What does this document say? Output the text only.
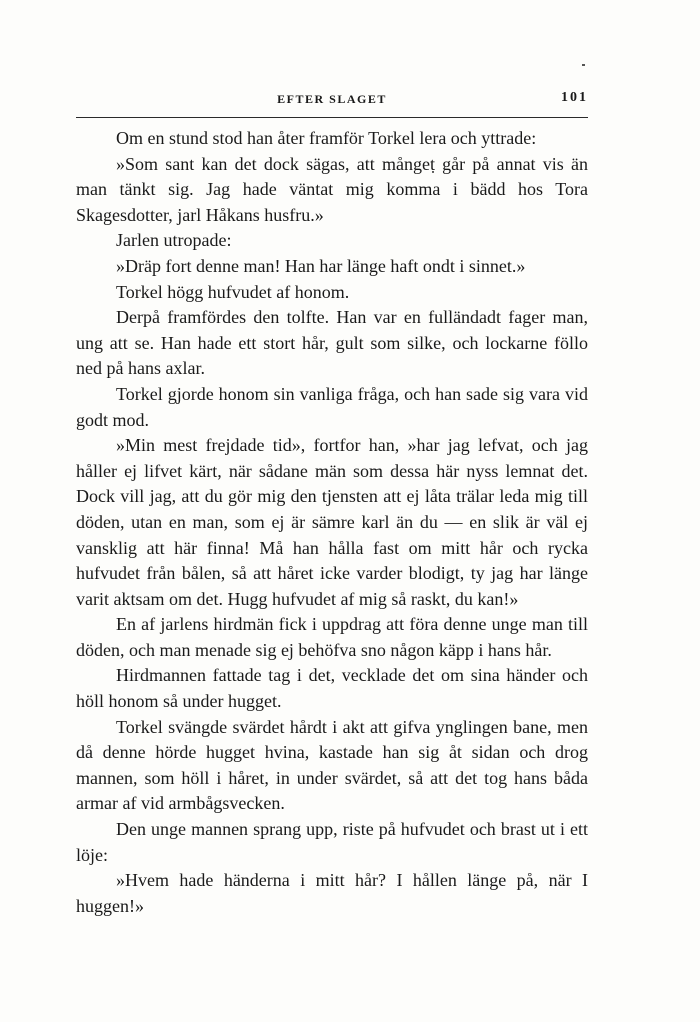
EFTER SLAGET	101

Om en stund stod han åter framför Torkel lera och yttrade:

»Som sant kan det dock sägas, att mångeṭ går på annat vis än man tänkt sig. Jag hade väntat mig komma i bädd hos Tora Skagesdotter, jarl Håkans husfru.»

Jarlen utropade:

»Dräp fort denne man! Han har länge haft ondt i sinnet.»

Torkel högg hufvudet af honom.

Derpå framfördes den tolfte. Han var en fulländadt fager man, ung att se. Han hade ett stort hår, gult som silke, och lockarne föllo ned på hans axlar.

Torkel gjorde honom sin vanliga fråga, och han sade sig vara vid godt mod.

»Min mest frejdade tid», fortfor han, »har jag lefvat, och jag håller ej lifvet kärt, när sådane män som dessa här nyss lemnat det. Dock vill jag, att du gör mig den tjensten att ej låta trälar leda mig till döden, utan en man, som ej är sämre karl än du — en slik är väl ej vansklig att här finna! Må han hålla fast om mitt hår och rycka hufvudet från bålen, så att håret icke varder blodigt, ty jag har länge varit aktsam om det. Hugg hufvudet af mig så raskt, du kan!»

En af jarlens hirdmän fick i uppdrag att föra denne unge man till döden, och man menade sig ej behöfva sno någon käpp i hans hår.

Hirdmannen fattade tag i det, vecklade det om sina händer och höll honom så under hugget.

Torkel svängde svärdet hårdt i akt att gifva ynglingen bane, men då denne hörde hugget hvina, kastade han sig åt sidan och drog mannen, som höll i håret, in under svärdet, så att det tog hans båda armar af vid armbågsvecken.

Den unge mannen sprang upp, riste på hufvudet och brast ut i ett löje:

»Hvem hade händerna i mitt hår? I hållen länge på, när I huggen!»
